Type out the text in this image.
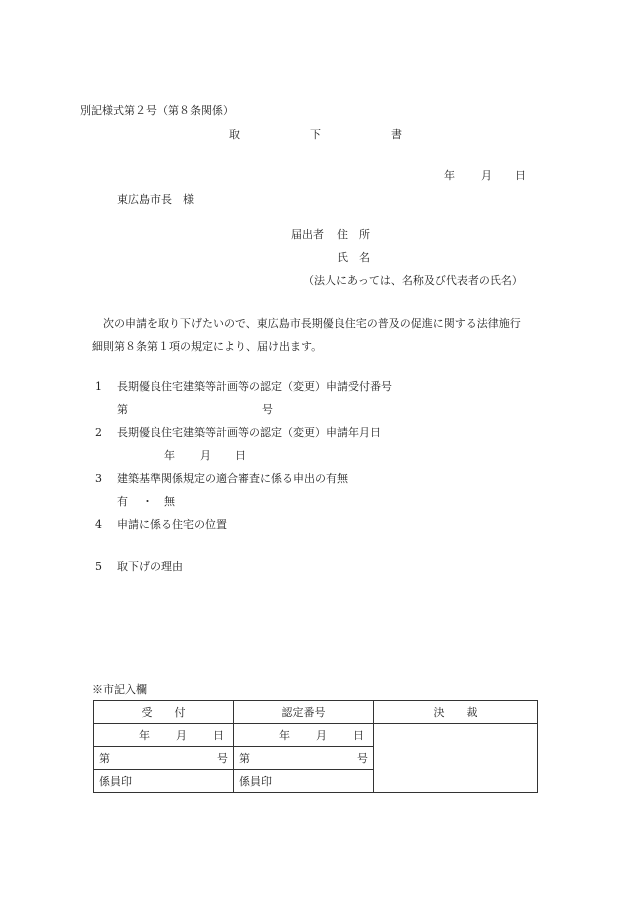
別記様式第２号（第８条関係）
取	下	書
年 月 日
東広島市長　様
届出者 住　所
氏　名
（法人にあっては、名称及び代表者の氏名）
次の申請を取り下げたいので、東広島市長期優良住宅の普及の促進に関する法律施行
細則第８条第１項の規定により、届け出ます。
1 長期優良住宅建築等計画等の認定（変更）申請受付番号
第	号
2 長期優良住宅建築等計画等の認定（変更）申請年月日
年 月 日
3 建築基準関係規定の適合審査に係る申出の有無
有 ・ 無
4 申請に係る住宅の位置
5 取下げの理由
※市記入欄
受　　付	認定番号	決　　裁

年 月 日	年 月 日	

第 号	第 号	

係員印	係員印	
